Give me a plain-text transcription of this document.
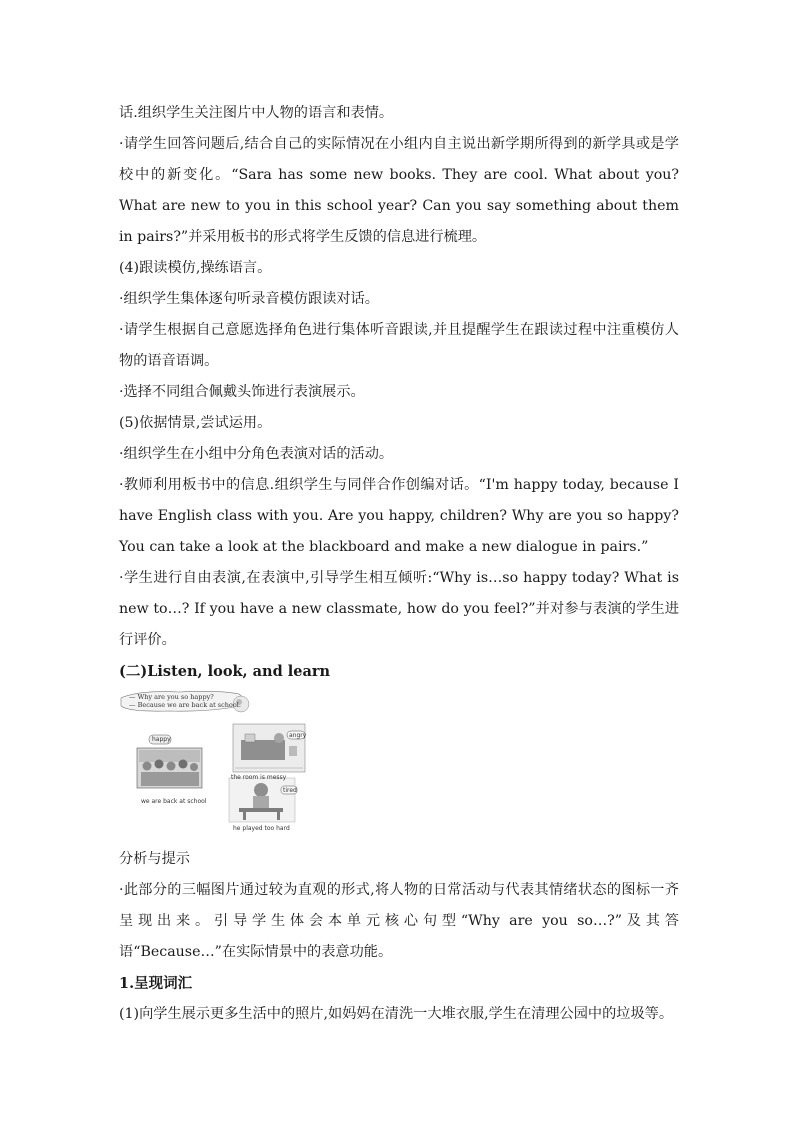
话.组织学生关注图片中人物的语言和表情。

·请学生回答问题后,结合自己的实际情况在小组内自主说出新学期所得到的新学具或是学校中的新变化。“Sara has some new books. They are cool. What about you? What are new to you in this school year? Can you say something about them in pairs?”并采用板书的形式将学生反馈的信息进行梳理。

(4)跟读模仿,操练语言。

·组织学生集体逐句听录音模仿跟读对话。

·请学生根据自己意愿选择角色进行集体听音跟读,并且提醒学生在跟读过程中注重模仿人物的语音语调。

·选择不同组合佩戴头饰进行表演展示。

(5)依据情景,尝试运用。

·组织学生在小组中分角色表演对话的活动。

·教师利用板书中的信息.组织学生与同伴合作创编对话。“I'm happy today, because I have English class with you. Are you happy, children? Why are you so happy? You can take a look at the blackboard and make a new dialogue in pairs.”

·学生进行自由表演,在表演中,引导学生相互倾听:“Why is…so happy today? What is new to…? If you have a new classmate, how do you feel?”并对参与表演的学生进行评价。

(二)Listen, look, and learn

— Why are you so happy?
— Because we are back at school.
happy
angry
tired
we are back at school
the room is messy
he played too hard

分析与提示

·此部分的三幅图片通过较为直观的形式,将人物的日常活动与代表其情绪状态的图标一齐呈现出来。引导学生体会本单元核心句型“Why are you so…?”及其答语“Because…”在实际情景中的表意功能。

1.呈现词汇

(1)向学生展示更多生活中的照片,如妈妈在清洗一大堆衣服,学生在清理公园中的垃圾等。
